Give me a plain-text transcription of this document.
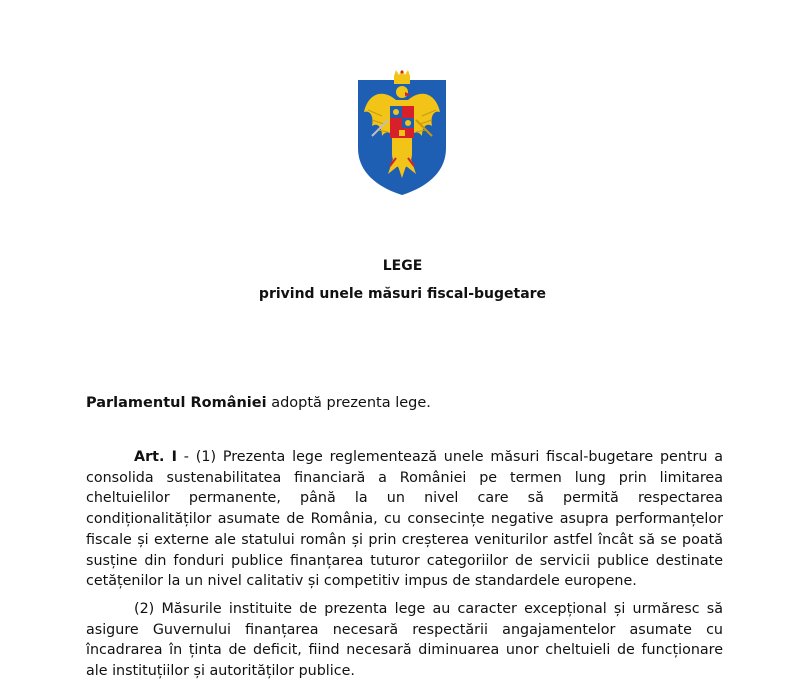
LEGE
privind unele măsuri fiscal-bugetare
Parlamentul României adoptă prezenta lege.
Art. I - (1) Prezenta lege reglementează unele măsuri fiscal-bugetare pentru a
consolida sustenabilitatea financiară a României pe termen lung prin limitarea
cheltuielilor permanente, până la un nivel care să permită respectarea
condiționalităților asumate de România, cu consecințe negative asupra performanțelor
fiscale și externe ale statului român și prin creșterea veniturilor astfel încât să se poată
susține din fonduri publice finanțarea tuturor categoriilor de servicii publice destinate
cetățenilor la un nivel calitativ și competitiv impus de standardele europene.
(2) Măsurile instituite de prezenta lege au caracter excepțional și urmăresc să
asigure Guvernului finanțarea necesară respectării angajamentelor asumate cu
încadrarea în ținta de deficit, fiind necesară diminuarea unor cheltuieli de funcționare
ale instituțiilor și autorităților publice.
